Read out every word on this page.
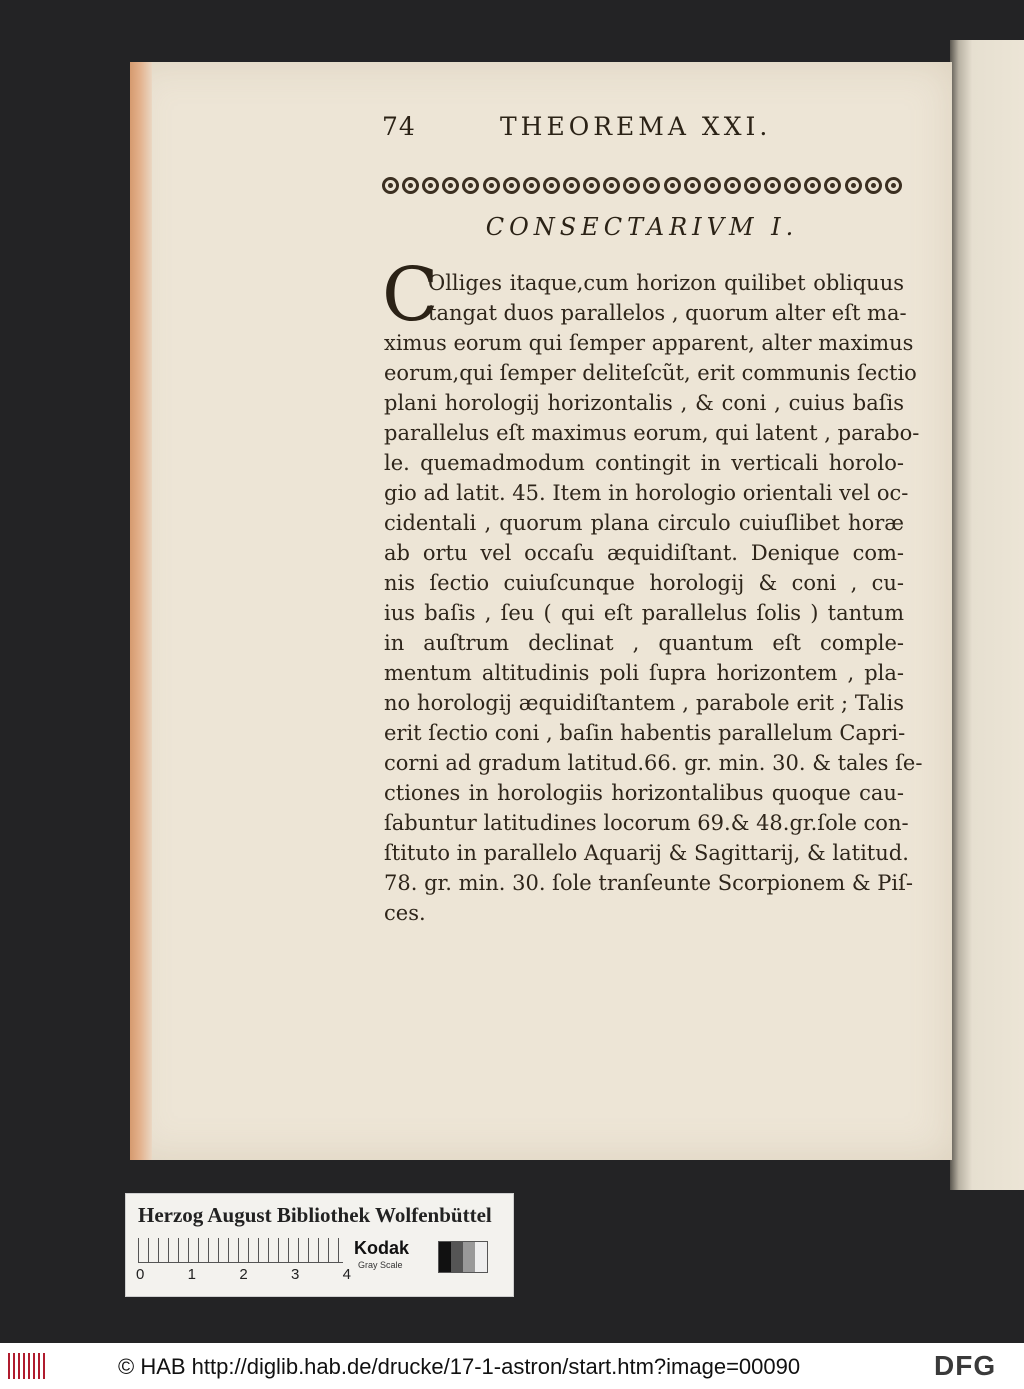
74	THEOREMA XXI.
CONSECTARIVM I.
C
Olliges itaque,cum horizon quilibet obliquus
tangat duos parallelos , quorum alter eſt ma-
ximus eorum qui ſemper apparent, alter maximus
eorum,qui ſemper deliteſcũt, erit communis ſectio
plani horologij horizontalis , & coni , cuius baſis
parallelus eſt maximus eorum, qui latent , parabo-
le. quemadmodum contingit in verticali horolo-
gio ad latit. 45. Item in horologio orientali vel oc-
cidentali , quorum plana circulo cuiuſlibet horæ
ab ortu vel occaſu æquidiſtant. Denique com-
nis ſectio cuiuſcunque horologij & coni , cu-
ius baſis , ſeu ( qui eſt parallelus ſolis ) tantum
in auſtrum declinat , quantum eſt comple-
mentum altitudinis poli ſupra horizontem , pla-
no horologij æquidiſtantem , parabole erit ; Talis
erit ſectio coni , baſin habentis parallelum Capri-
corni ad gradum latitud.66. gr. min. 30. & tales ſe-
ctiones in horologiis horizontalibus quoque cau-
ſabuntur latitudines locorum 69.& 48.gr.ſole con-
ſtituto in parallelo Aquarij & Sagittarij, & latitud.
78. gr. min. 30. ſole tranſeunte Scorpionem & Piſ-
ces.
Herzog August Bibliothek Wolfenbüttel
0	1	2	3	4
Kodak
Gray Scale
© HAB http://diglib.hab.de/drucke/17-1-astron/start.htm?image=00090	DFG
